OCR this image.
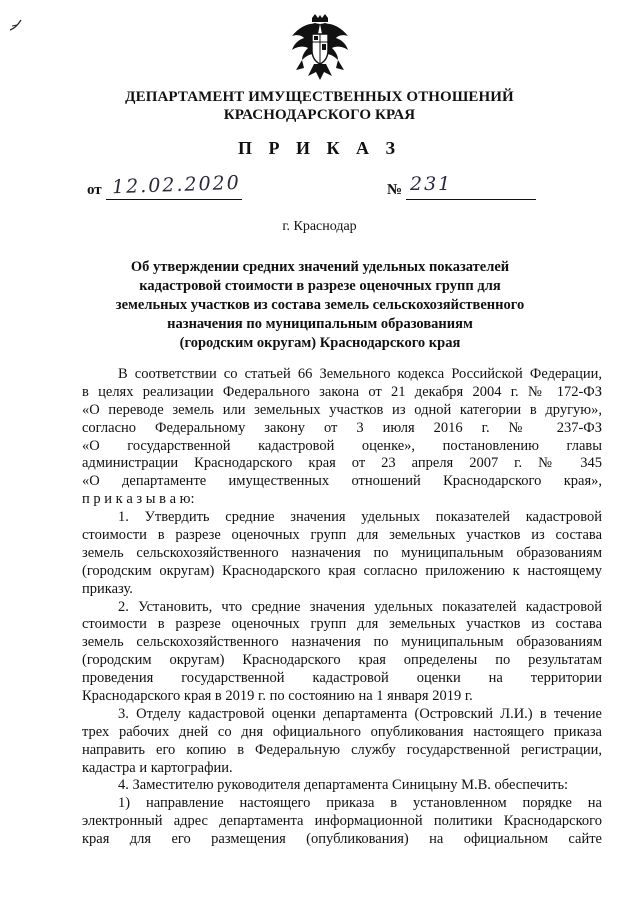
ДЕПАРТАМЕНТ ИМУЩЕСТВЕННЫХ ОТНОШЕНИЙ
КРАСНОДАРСКОГО КРАЯ
П Р И К А З
от 12.02.2020	№ 231
г. Краснодар
Об утверждении средних значений удельных показателей
кадастровой стоимости в разрезе оценочных групп для
земельных участков из состава земель сельскохозяйственного
назначения по муниципальным образованиям
(городским округам) Краснодарского края
В соответствии со статьей 66 Земельного кодекса Российской Федерации,
в целях реализации Федерального закона от 21 декабря 2004 г. № 172-ФЗ
«О переводе земель или земельных участков из одной категории в другую»,
согласно Федеральному закону от 3 июля 2016 г. № 237-ФЗ
«О государственной кадастровой оценке», постановлению главы
администрации Краснодарского края от 23 апреля 2007 г. № 345
«О департаменте имущественных отношений Краснодарского края»,
п р и к а з ы в а ю:
1. Утвердить средние значения удельных показателей кадастровой
стоимости в разрезе оценочных групп для земельных участков из состава
земель сельскохозяйственного назначения по муниципальным образованиям
(городским округам) Краснодарского края согласно приложению к настоящему
приказу.
2. Установить, что средние значения удельных показателей кадастровой
стоимости в разрезе оценочных групп для земельных участков из состава
земель сельскохозяйственного назначения по муниципальным образованиям
(городским округам) Краснодарского края определены по результатам
проведения государственной кадастровой оценки на территории
Краснодарского края в 2019 г. по состоянию на 1 января 2019 г.
3. Отделу кадастровой оценки департамента (Островский Л.И.) в течение
трех рабочих дней со дня официального опубликования настоящего приказа
направить его копию в Федеральную службу государственной регистрации,
кадастра и картографии.
4. Заместителю руководителя департамента Синицыну М.В. обеспечить:
1) направление настоящего приказа в установленном порядке на
электронный адрес департамента информационной политики Краснодарского
края для его размещения (опубликования) на официальном сайте
